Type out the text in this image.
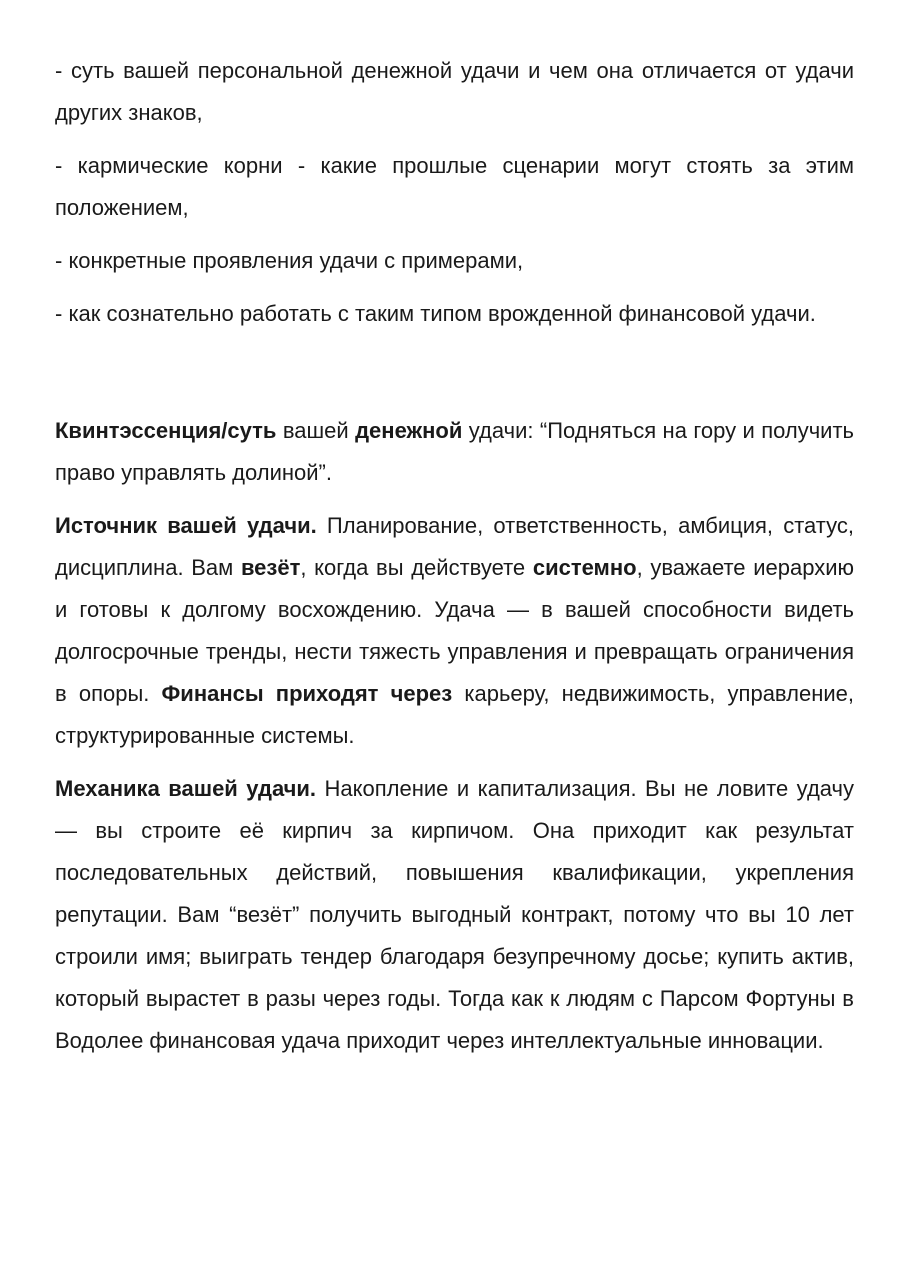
- суть вашей персональной денежной удачи и чем она отличается от удачи других знаков,

- кармические корни - какие прошлые сценарии могут стоять за этим положением,

- конкретные проявления удачи с примерами,

- как сознательно работать с таким типом врожденной финансовой удачи.

Квинтэссенция/суть вашей денежной удачи: “Подняться на гору и получить право управлять долиной”.

Источник вашей удачи. Планирование, ответственность, амбиция, статус, дисциплина. Вам везёт, когда вы действуете системно, уважаете иерархию и готовы к долгому восхождению. Удача — в вашей способности видеть долгосрочные тренды, нести тяжесть управления и превращать ограничения в опоры. Финансы приходят через карьеру, недвижимость, управление, структурированные системы.

Механика вашей удачи. Накопление и капитализация. Вы не ловите удачу — вы строите её кирпич за кирпичом. Она приходит как результат последовательных действий, повышения квалификации, укрепления репутации. Вам “везёт” получить выгодный контракт, потому что вы 10 лет строили имя; выиграть тендер благодаря безупречному досье; купить актив, который вырастет в разы через годы. Тогда как к людям с Парсом Фортуны в Водолее финансовая удача приходит через интеллектуальные инновации.
